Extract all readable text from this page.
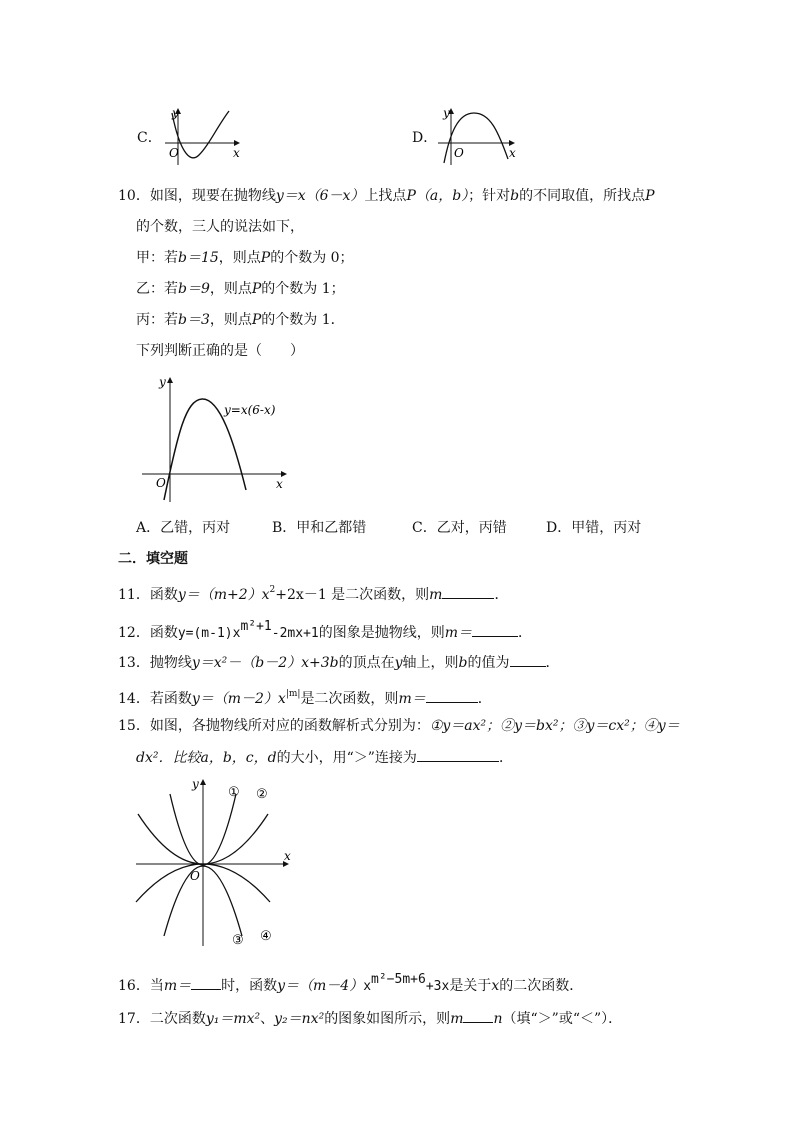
C．
y
x
O
D．
y
x
O
10．如图，现要在抛物线y＝x（6－x）上找点P（a，b）；针对b的不同取值，所找点P
的个数，三人的说法如下，
甲：若b＝15，则点P的个数为 0；
乙：若b＝9，则点P的个数为 1；
丙：若b＝3，则点P的个数为 1．
下列判断正确的是（　　）
y
x
O
y=x(6-x)
A．乙错，丙对	B．甲和乙都错	C．乙对，丙错	D．甲错，丙对
二．填空题
11．函数$y=(m+2)x^2+2x-1$ 是二次函数，则m	．
12．函数y=(m-1)xm²+1-2mx+1的图象是抛物线，则m＝	．
13．抛物线y＝x²－（b－2）x+3b的顶点在y轴上，则b的值为	．
14．若函数$y=(m-2)x^{|m|}$是二次函数，则m＝	．
15．如图，各抛物线所对应的函数解析式分别为：①y＝ax²；②y＝bx²；③y＝cx²；④y＝
dx²．比较a，b，c，d的大小，用“＞”连接为	．
y
x
O
① ②
③ ④
16．当m＝ 时，函数y＝（m－4）xm²−5m+6+3x是关于x的二次函数．
17．二次函数y₁＝mx²、y₂＝nx²的图象如图所示，则m n（填“＞”或“＜”）．
